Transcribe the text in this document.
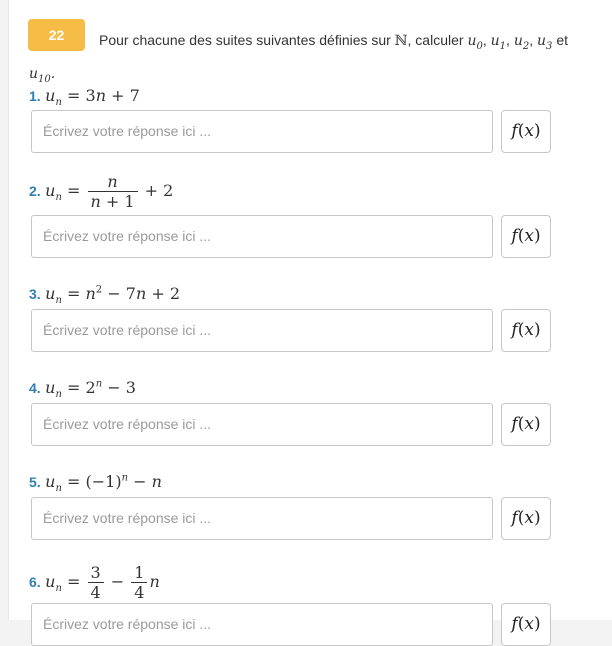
22	Pour chacune des suites suivantes définies sur ℕ, calculer $u_0$, $u_1$, $u_2$, $u_3$ et
$u_{10}$.
1. $u_n = 3n + 7$
Écrivez votre réponse ici ...	f(x)
2. $u_n = \frac{n}{n + 1} + 2$
Écrivez votre réponse ici ...	f(x)
3. $u_n = n^2 - 7n + 2$
Écrivez votre réponse ici ...	f(x)
4. $u_n = 2^n - 3$
Écrivez votre réponse ici ...	f(x)
5. $u_n = (-1)^n - n$
Écrivez votre réponse ici ...	f(x)
6. $u_n = \frac{3}{4} - \frac{1}{4}$ n
Écrivez votre réponse ici ...	f(x)
